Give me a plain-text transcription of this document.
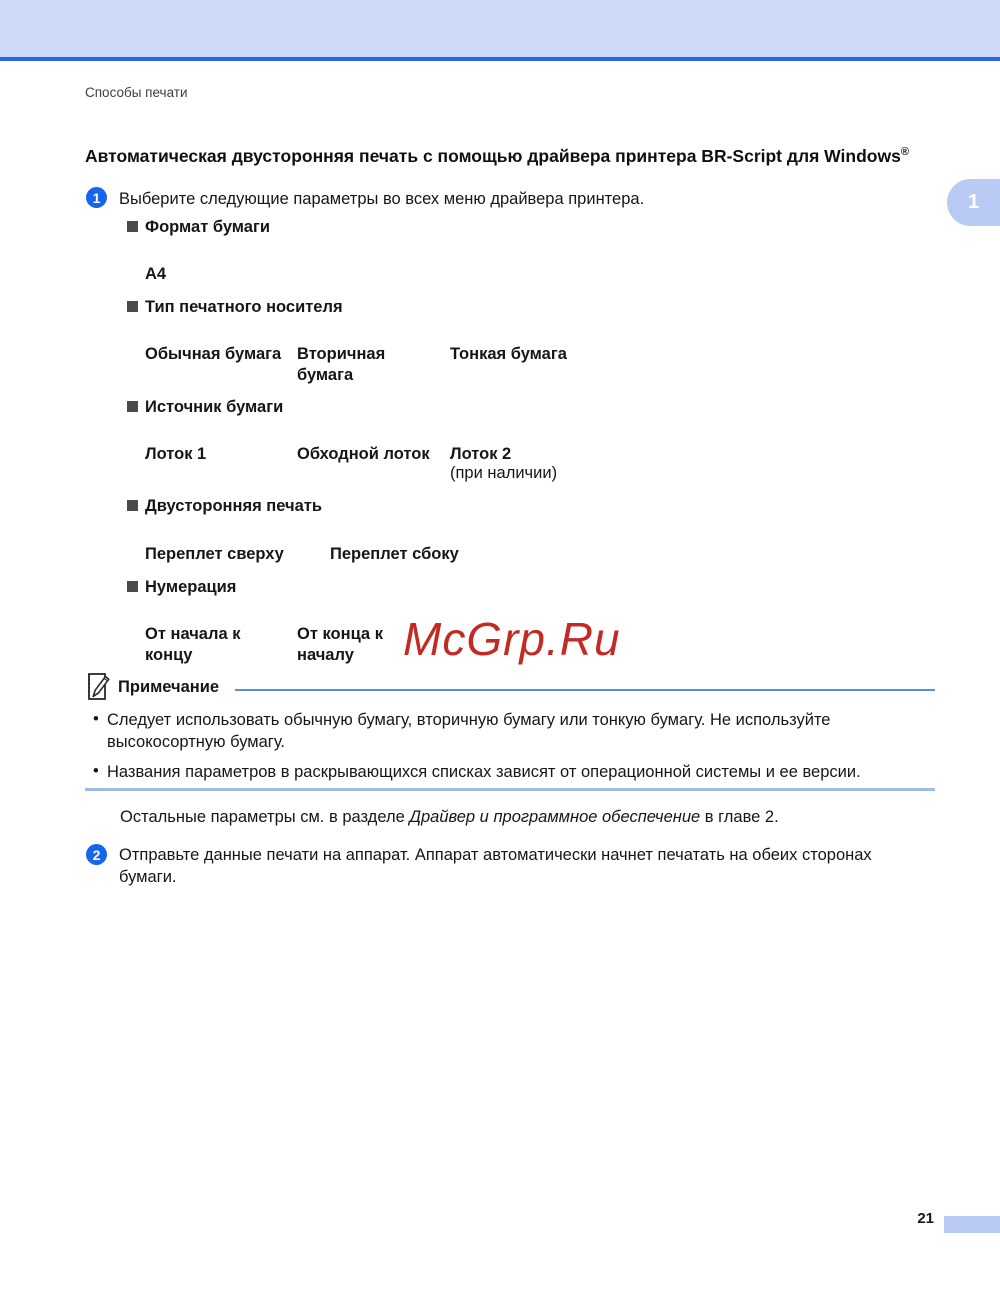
Способы печати
Автоматическая двусторонняя печать с помощью драйвера принтера BR-Script для Windows®
1
1	Выберите следующие параметры во всех меню драйвера принтера.
Формат бумаги
A4
Тип печатного носителя
Обычная бумага Вторичная
бумага
Тонкая бумага
Источник бумаги
Лоток 1	Обходной лоток Лоток 2
(при наличии)
Двусторонняя печать
Переплет сверху	Переплет сбоку
Нумерация
От начала к
концу
От конца к
началу	McGrp.Ru
Примечание
• Следует использовать обычную бумагу, вторичную бумагу или тонкую бумагу. Не используйте
высокосортную бумагу.
• Названия параметров в раскрывающихся списках зависят от операционной системы и ее версии.
Остальные параметры см. в разделе Драйвер и программное обеспечение в главе 2.
2	Отправьте данные печати на аппарат. Аппарат автоматически начнет печатать на обеих сторонах
бумаги.
21
